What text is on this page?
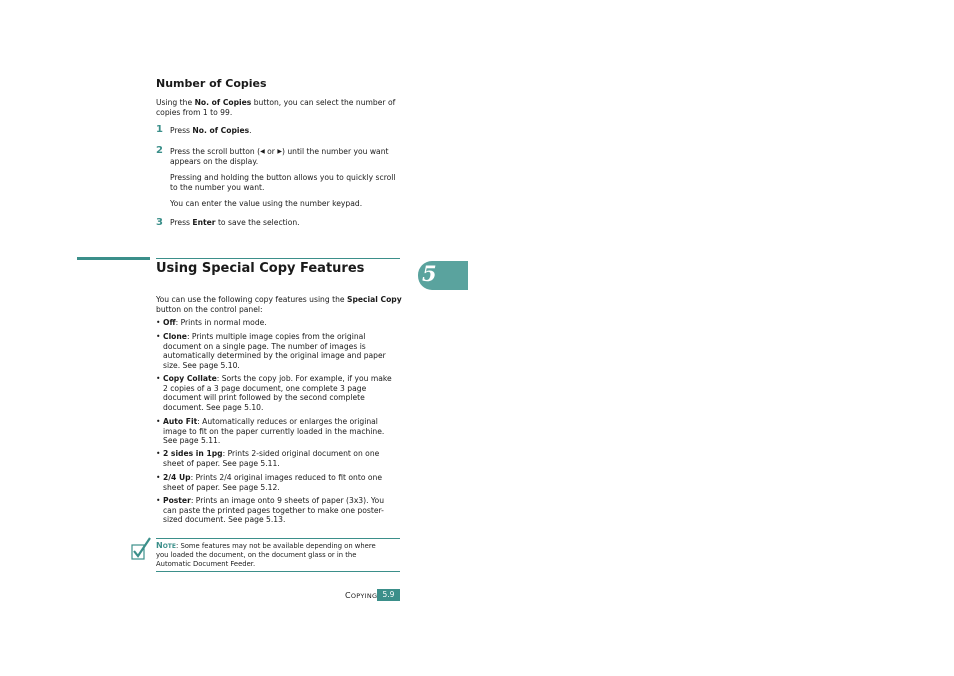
Number of Copies
Using the No. of Copies button, you can select the number of
copies from 1 to 99.
1 Press No. of Copies.
2 Press the scroll button (◀ or ▶) until the number you want
appears on the display.
Pressing and holding the button allows you to quickly scroll
to the number you want.
You can enter the value using the number keypad.
3 Press Enter to save the selection.
Using Special Copy Features	5
You can use the following copy features using the Special Copy
button on the control panel:
• Off: Prints in normal mode.
• Clone: Prints multiple image copies from the original
document on a single page. The number of images is
automatically determined by the original image and paper
size. See page 5.10.
• Copy Collate: Sorts the copy job. For example, if you make
2 copies of a 3 page document, one complete 3 page
document will print followed by the second complete
document. See page 5.10.
• Auto Fit: Automatically reduces or enlarges the original
image to fit on the paper currently loaded in the machine.
See page 5.11.
• 2 sides in 1pg: Prints 2-sided original document on one
sheet of paper. See page 5.11.
• 2/4 Up: Prints 2/4 original images reduced to fit onto one
sheet of paper. See page 5.12.
• Poster: Prints an image onto 9 sheets of paper (3x3). You
can paste the printed pages together to make one poster-
sized document. See page 5.13.
NOTE: Some features may not be available depending on where
you loaded the document, on the document glass or in the
Automatic Document Feeder.
COPYING 5.9
